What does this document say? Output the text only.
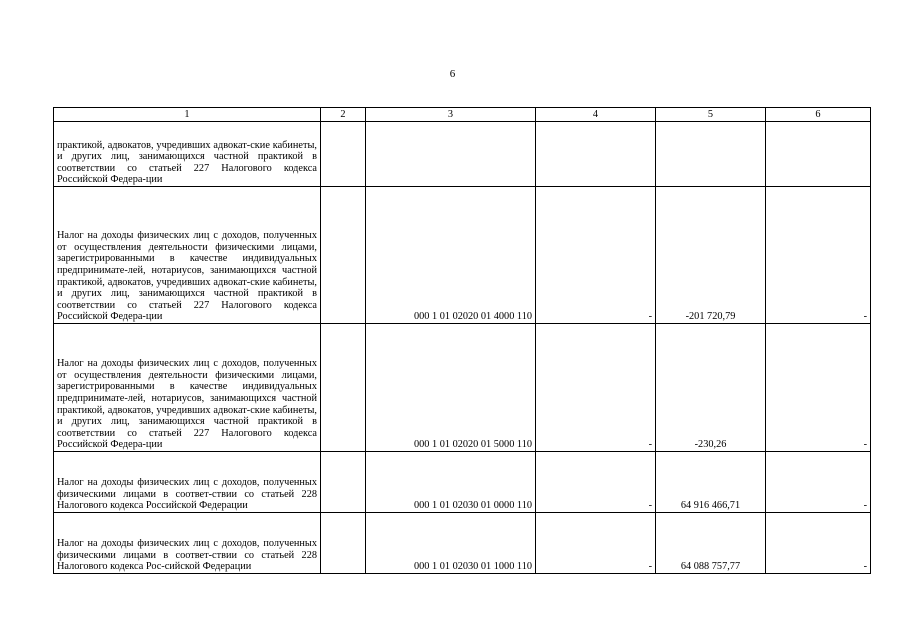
6
1	2	3	4	5	6
практикой, адвокатов, учредивших адвокат-ские кабинеты, и других лиц, занимающихся частной практикой в соответствии со статьей 227 Налогового кодекса Российской Федера-ции					
Налог на доходы физических лиц с доходов, полученных от осуществления деятельности физическими лицами, зарегистрированными в качестве индивидуальных предпринимате-лей, нотариусов, занимающихся частной практикой, адвокатов, учредивших адвокат-ские кабинеты, и других лиц, занимающихся частной практикой в соответствии со статьей 227 Налогового кодекса Российской Федера-ции		000 1 01 02020 01 4000 110	-	-201 720,79	-
Налог на доходы физических лиц с доходов, полученных от осуществления деятельности физическими лицами, зарегистрированными в качестве индивидуальных предпринимате-лей, нотариусов, занимающихся частной практикой, адвокатов, учредивших адвокат-ские кабинеты, и других лиц, занимающихся частной практикой в соответствии со статьей 227 Налогового кодекса Российской Федера-ции		000 1 01 02020 01 5000 110	-	-230,26	-
Налог на доходы физических лиц с доходов, полученных физическими лицами в соответ-ствии со статьей 228 Налогового кодекса Российской Федерации		000 1 01 02030 01 0000 110	-	64 916 466,71	-
Налог на доходы физических лиц с доходов, полученных физическими лицами в соответ-ствии со статьей 228 Налогового кодекса Рос-сийской Федерации		000 1 01 02030 01 1000 110	-	64 088 757,77	-
